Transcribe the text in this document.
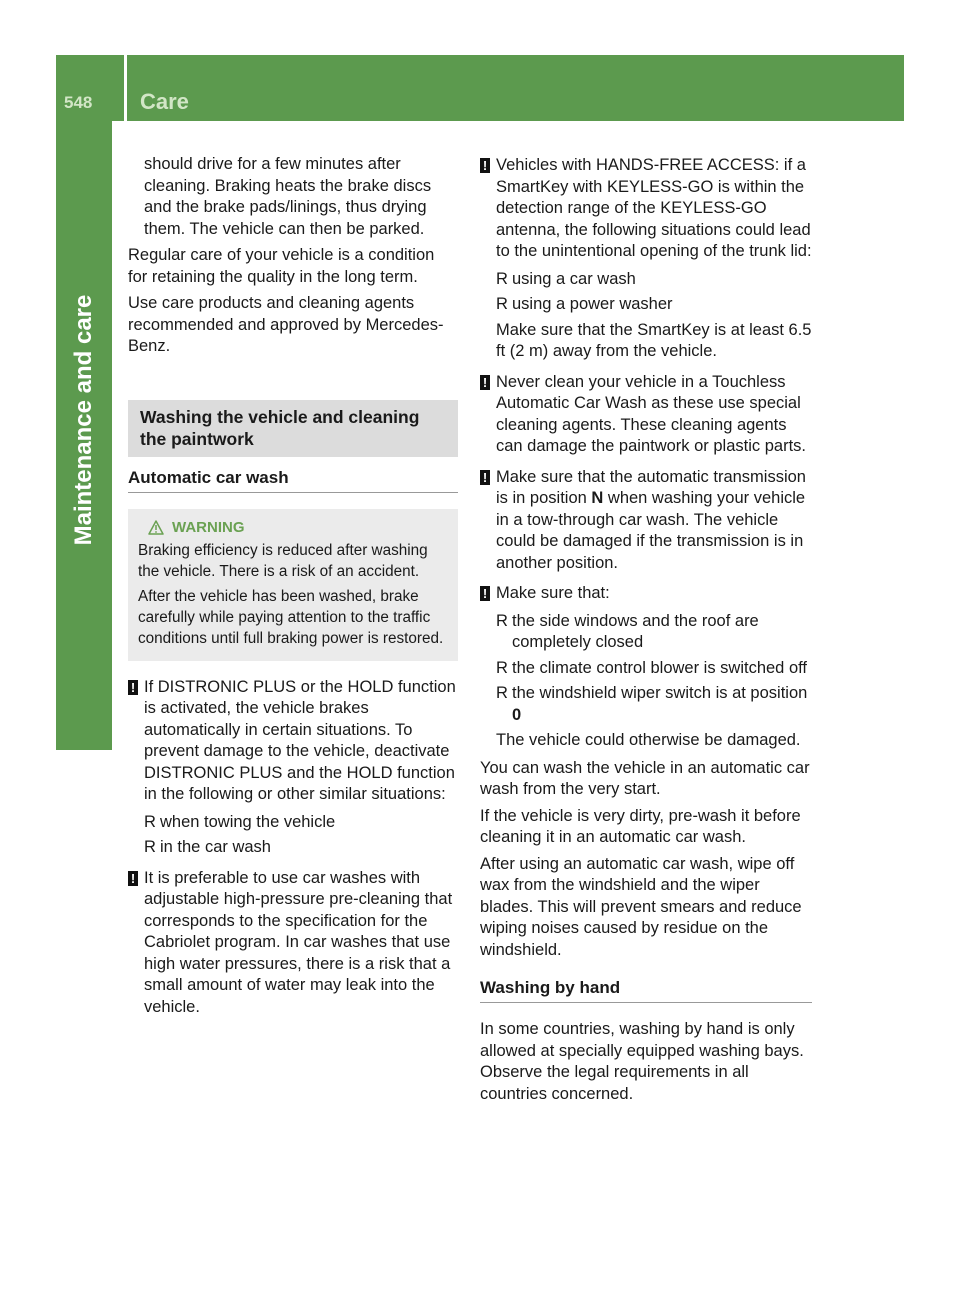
548 Care
Maintenance and care

should drive for a few minutes after cleaning. Braking heats the brake discs and the brake pads/linings, thus drying them. The vehicle can then be parked.

Regular care of your vehicle is a condition for retaining the quality in the long term.

Use care products and cleaning agents recommended and approved by Mercedes-Benz.

Washing the vehicle and cleaning the paintwork
Automatic car wash
WARNING

Braking efficiency is reduced after washing the vehicle. There is a risk of an accident.

After the vehicle has been washed, brake carefully while paying attention to the traffic conditions until full braking power is restored.

! If DISTRONIC PLUS or the HOLD function is activated, the vehicle brakes automatically in certain situations. To prevent damage to the vehicle, deactivate DISTRONIC PLUS and the HOLD function in the following or other similar situations:
R when towing the vehicle
R in the car wash
! It is preferable to use car washes with adjustable high-pressure pre-cleaning that corresponds to the specification for the Cabriolet program. In car washes that use high water pressures, there is a risk that a small amount of water may leak into the vehicle.
! Vehicles with HANDS-FREE ACCESS: if a SmartKey with KEYLESS-GO is within the detection range of the KEYLESS-GO antenna, the following situations could lead to the unintentional opening of the trunk lid:
R using a car wash
R using a power washer

Make sure that the SmartKey is at least 6.5 ft (2 m) away from the vehicle.

! Never clean your vehicle in a Touchless Automatic Car Wash as these use special cleaning agents. These cleaning agents can damage the paintwork or plastic parts.
! Make sure that the automatic transmission is in position N when washing your vehicle in a tow-through car wash. The vehicle could be damaged if the transmission is in another position.
! Make sure that:
R the side windows and the roof are completely closed
R the climate control blower is switched off
R the windshield wiper switch is at position
0

The vehicle could otherwise be damaged.

You can wash the vehicle in an automatic car wash from the very start.

If the vehicle is very dirty, pre-wash it before cleaning it in an automatic car wash.

After using an automatic car wash, wipe off wax from the windshield and the wiper blades. This will prevent smears and reduce wiping noises caused by residue on the windshield.

Washing by hand

In some countries, washing by hand is only allowed at specially equipped washing bays. Observe the legal requirements in all countries concerned.
